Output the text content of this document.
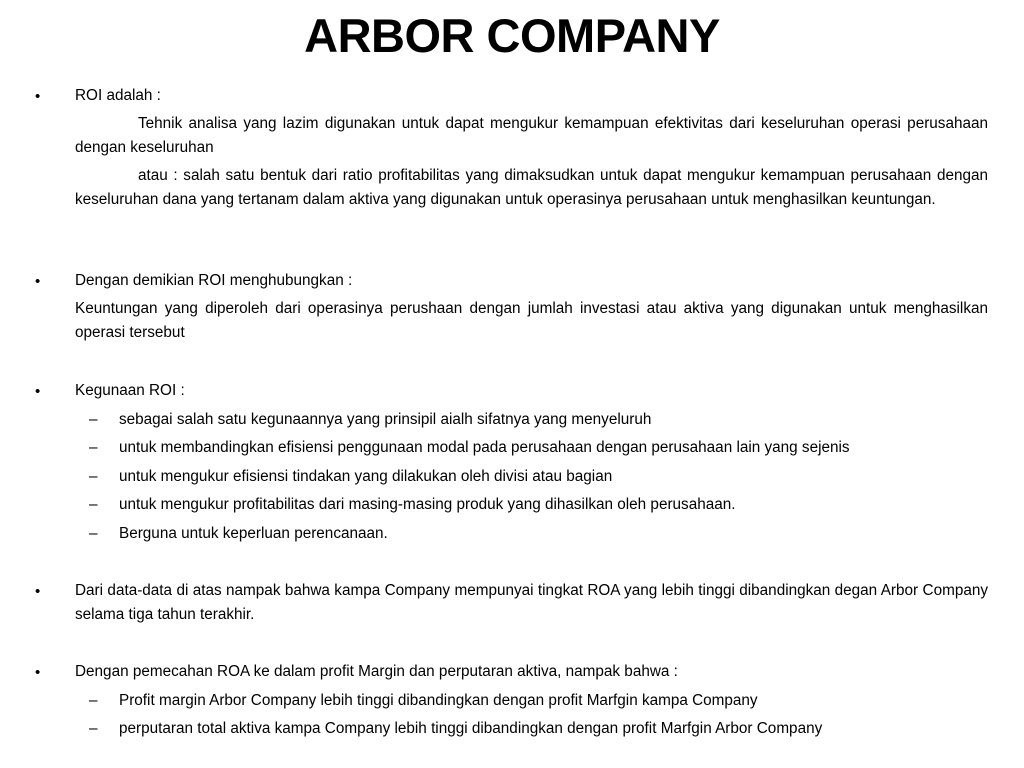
ARBOR COMPANY
• ROI adalah :
Tehnik analisa yang lazim digunakan untuk dapat mengukur kemampuan efektivitas dari keseluruhan operasi perusahaan dengan keseluruhan
atau : salah satu bentuk dari ratio profitabilitas yang dimaksudkan untuk dapat mengukur kemampuan perusahaan dengan keseluruhan dana yang tertanam dalam aktiva yang digunakan untuk operasinya perusahaan untuk menghasilkan keuntungan.
• Dengan demikian ROI menghubungkan :
Keuntungan yang diperoleh dari operasinya perushaan dengan jumlah investasi atau aktiva yang digunakan untuk menghasilkan operasi tersebut
• Kegunaan ROI :
– sebagai salah satu kegunaannya yang prinsipil aialh sifatnya yang menyeluruh
– untuk membandingkan efisiensi penggunaan modal pada perusahaan dengan perusahaan lain yang sejenis
– untuk mengukur efisiensi tindakan yang dilakukan oleh divisi atau bagian
– untuk mengukur profitabilitas dari masing-masing produk yang dihasilkan oleh perusahaan.
– Berguna untuk keperluan perencanaan.
• Dari data-data di atas nampak bahwa kampa Company mempunyai tingkat ROA yang lebih tinggi dibandingkan degan Arbor Company selama tiga tahun terakhir.
• Dengan pemecahan ROA ke dalam profit Margin dan perputaran aktiva, nampak bahwa :
– Profit margin Arbor Company lebih tinggi dibandingkan dengan profit Marfgin kampa Company
– perputaran total aktiva kampa Company lebih tinggi dibandingkan dengan profit Marfgin Arbor Company
